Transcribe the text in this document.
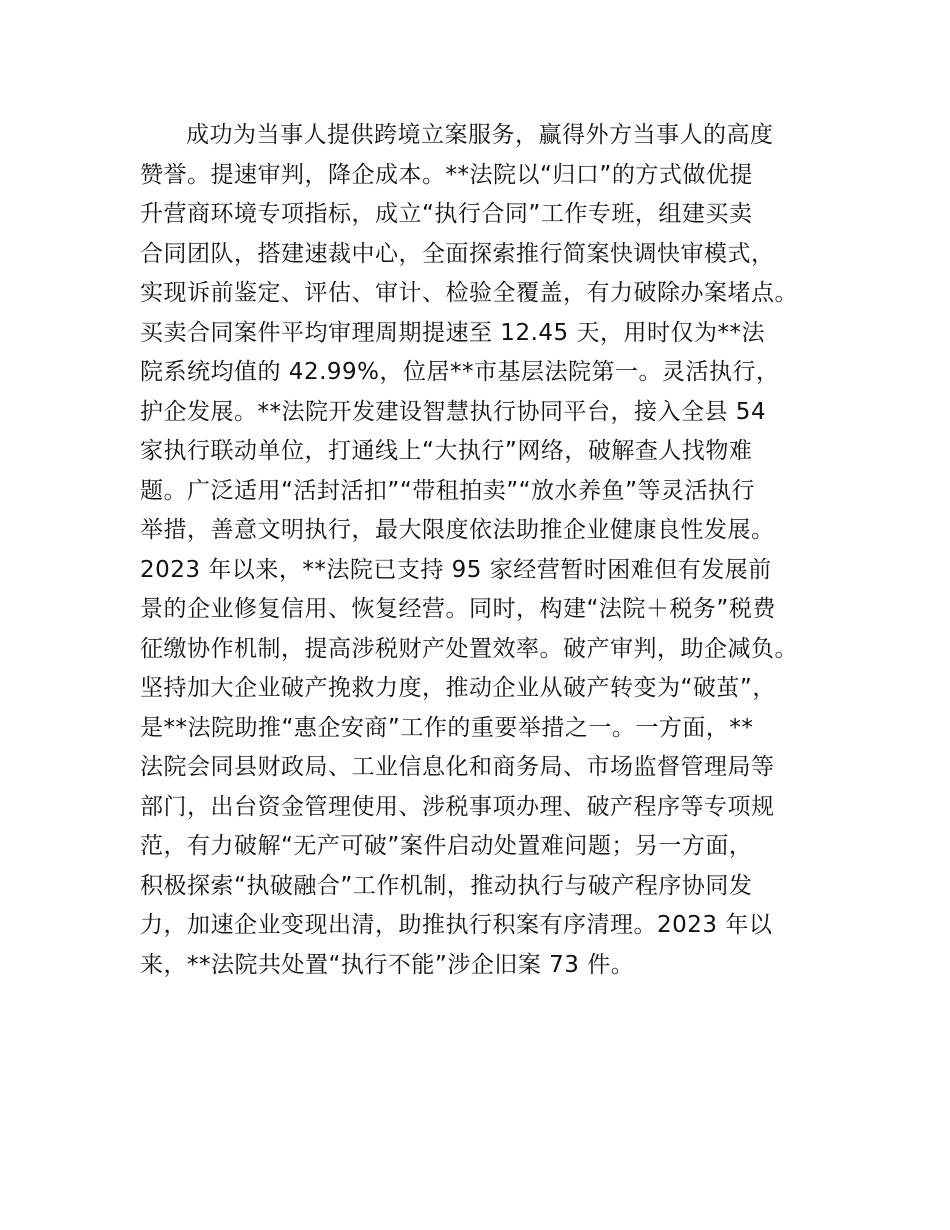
成功为当事人提供跨境立案服务，赢得外方当事人的高度
赞誉。提速审判，降企成本。**法院以“归口”的方式做优提
升营商环境专项指标，成立“执行合同”工作专班，组建买卖
合同团队，搭建速裁中心，全面探索推行简案快调快审模式，
实现诉前鉴定、评估、审计、检验全覆盖，有力破除办案堵点。
买卖合同案件平均审理周期提速至 12.45 天，用时仅为**法
院系统均值的 42.99%，位居**市基层法院第一。灵活执行，
护企发展。**法院开发建设智慧执行协同平台，接入全县 54
家执行联动单位，打通线上“大执行”网络，破解查人找物难
题。广泛适用“活封活扣”“带租拍卖”“放水养鱼”等灵活执行
举措，善意文明执行，最大限度依法助推企业健康良性发展。
2023 年以来，**法院已支持 95 家经营暂时困难但有发展前
景的企业修复信用、恢复经营。同时，构建“法院＋税务”税费
征缴协作机制，提高涉税财产处置效率。破产审判，助企减负。
坚持加大企业破产挽救力度，推动企业从破产转变为“破茧”，
是**法院助推“惠企安商”工作的重要举措之一。一方面，**
法院会同县财政局、工业信息化和商务局、市场监督管理局等
部门，出台资金管理使用、涉税事项办理、破产程序等专项规
范，有力破解“无产可破”案件启动处置难问题；另一方面，
积极探索“执破融合”工作机制，推动执行与破产程序协同发
力，加速企业变现出清，助推执行积案有序清理。2023 年以
来，**法院共处置“执行不能”涉企旧案 73 件。
